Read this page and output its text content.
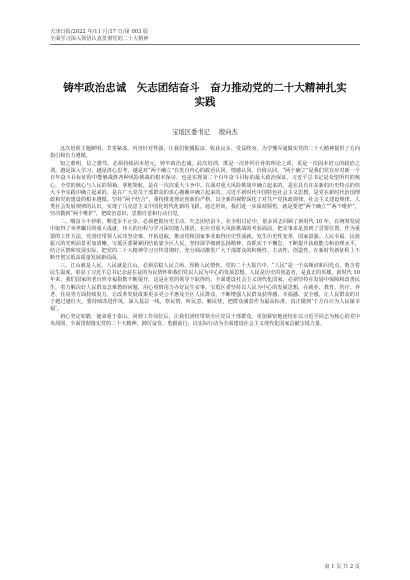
天津日报/2022 年/11 月/17 日/第 003 版
全面学习深入领悟认真贯彻党的二十大精神
铸牢政治忠诚　矢志团结奋斗　奋力推动党的二十大精神扎实实践
宝坻区委书记 殷向杰

这次培训主题鲜明、节奏紧凑、内容针对性强，让我们依循振奋、收获良多、受益终身，为学懂弄通做实党的二十大精神提供了方向指引和有力遵循。

知之愈明，信之愈笃。必须持续固本培元、铸牢政治忠诚。此次培训，既是一次补钙壮骨的理论之训，更是一次固本培元的政治之训。越是深入学习，越是清心思考，越是对“两个确立”有发自内心的政治认同、情感认同、价值认同。“两个确立”是我们党在应对新一个百年奋斗目标征程中能够战胜各种风险挑战的根本保证，也是实现第二个百年奋斗目标的最大政治保证。习近平总书记是众望所归的核心，全党的核心与人民的领袖、掌舵领航，是在一次次重大斗争中、在面对重大风险挑战中确立起来的，是在具有许多新的历史特点的伟大斗争实践中确立起来的，是在广大党员干部群众的衷心拥戴中确立起来的。习近平新时代中国特色社会主义思想，是党在新时代治国理政和党的建设的根本遵循。坚持“两个结合”，秉持推进理论创新的严格，以全新的视野深化了对共产党执政规律、社会主义建设规律、人类社会发展规律的认识，实现了马克思主义中国化时代化新的飞跃。通过培训，我们进一步深刻领悟，就是要把“两个确立”“两个维护”，坚决做到“两个维护”，把政治意识、思想自觉和行动自觉。

二、哪奋斗不停歇，唯进步不止步。必须把握历史主动、矢志团结奋斗。在全组讨论中，很多同志回顾了新时代 10 年，在统筹发展中取得了举世瞩目的重大成就，伟大的历程与学习深切地人体悟，在应对重大风险挑战的考验面前，把实事求是放到了首要位置，作为重要的工作方法，党团结带领人民攻坚克难、开拓进取，推动党和国家事业取得历史性成就、发生历史性变革，国家富强、人民幸福、民族振兴的光明前景更加清晰。宝坻区委紧紧团结依靠全区人民，坚持深学细研弘扬精神，真抓实干不懈怠，不断提升执政能力和治理水平，结合区情和发展实际，把党的二十大精神学习宣传贯彻好，充分调动激发广大干部群众的积极性、主动性、创造性，在新时代新征程上不断开创宝坻高质量发展新局面。

三、江山就是人民，人民就是江山。必须站稳人民立场、厚植人民情怀。党的二十大报告中，“人民”是一个高频词和闪光点，饱含着民生温度，彰显了习近平总书记念兹在兹的为民情怀和我们党以人民为中心的发展思想。人民是历史的创造者，是真正的英雄。新时代 10 年来，我们国家的老百姓幸福指数不断提升，这是在党的领导下取得的。全面建设社会主义现代化国家，必须坚持在发展中保障和改善民生，着力解决好人民群众急难愁盼问题，用心用情用力办好民生实事。宝坻区委坚持以人民为中心的发展思想，在就业、教育、医疗、养老、住房等方面持续发力，让改革发展成果更多更公平惠及全区人民群众，不断增强人民群众获得感、幸福感、安全感，让人民群众的日子越过越红火。要持续改进作风，深入基层一线，察民情、听民意、解民忧，把群众满意作为最高标准，真正做到‘千方百计为人民谋幸福’。

初心坚定如磐，使命重于泰山。回到工作岗位后，让我们团结带领全区党员干部群众，更加紧密地团结在以习近平同志为核心的党中央周围，全面贯彻落实党的二十大精神，踔厉奋发、勇毅前行，以实际行动为全面建设社会主义现代化国家贡献宝坻力量。

第 1 页 共 2 页
